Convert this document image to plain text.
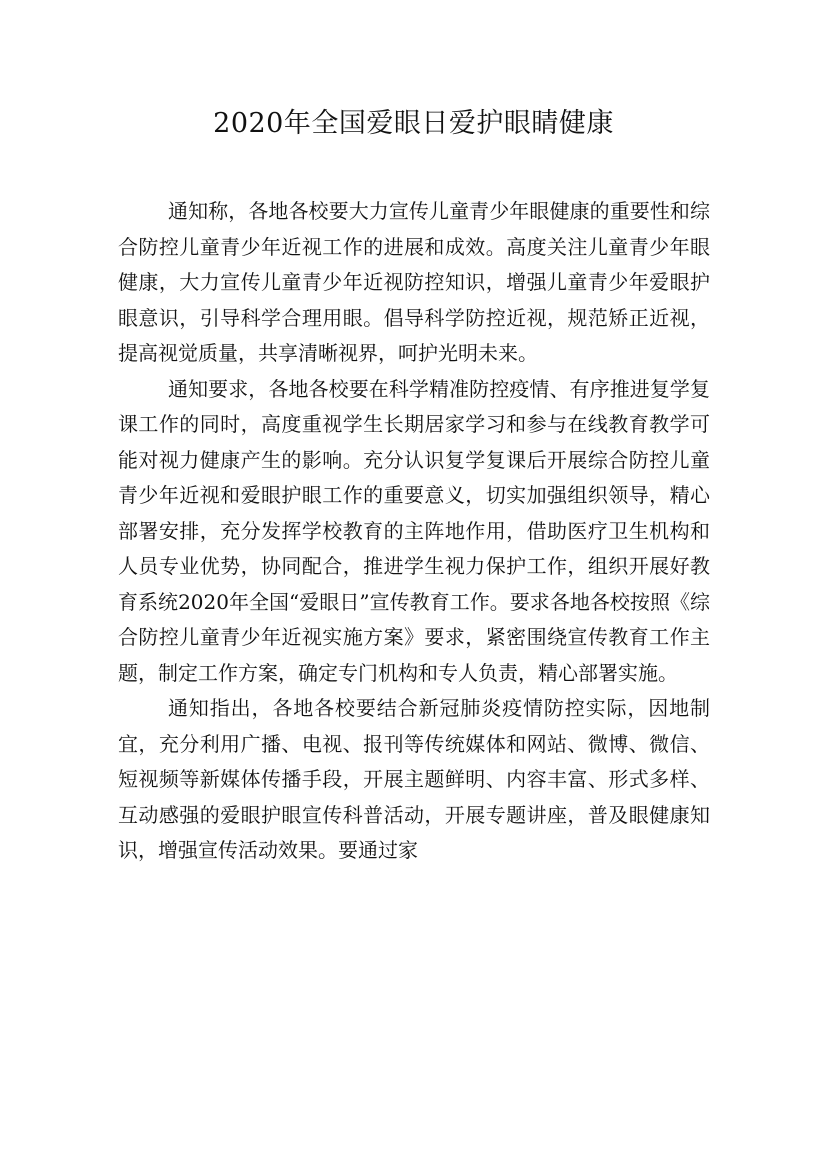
2020年全国爱眼日爱护眼睛健康

通知称，各地各校要大力宣传儿童青少年眼健康的重要性和综合防控儿童青少年近视工作的进展和成效。高度关注儿童青少年眼健康，大力宣传儿童青少年近视防控知识，增强儿童青少年爱眼护眼意识，引导科学合理用眼。倡导科学防控近视，规范矫正近视，提高视觉质量，共享清晰视界，呵护光明未来。

通知要求，各地各校要在科学精准防控疫情、有序推进复学复课工作的同时，高度重视学生长期居家学习和参与在线教育教学可能对视力健康产生的影响。充分认识复学复课后开展综合防控儿童青少年近视和爱眼护眼工作的重要意义，切实加强组织领导，精心部署安排，充分发挥学校教育的主阵地作用，借助医疗卫生机构和人员专业优势，协同配合，推进学生视力保护工作，组织开展好教育系统2020年全国“爱眼日”宣传教育工作。要求各地各校按照《综合防控儿童青少年近视实施方案》要求，紧密围绕宣传教育工作主题，制定工作方案，确定专门机构和专人负责，精心部署实施。

通知指出，各地各校要结合新冠肺炎疫情防控实际，因地制宜，充分利用广播、电视、报刊等传统媒体和网站、微博、微信、短视频等新媒体传播手段，开展主题鲜明、内容丰富、形式多样、互动感强的爱眼护眼宣传科普活动，开展专题讲座，普及眼健康知识，增强宣传活动效果。要通过家
